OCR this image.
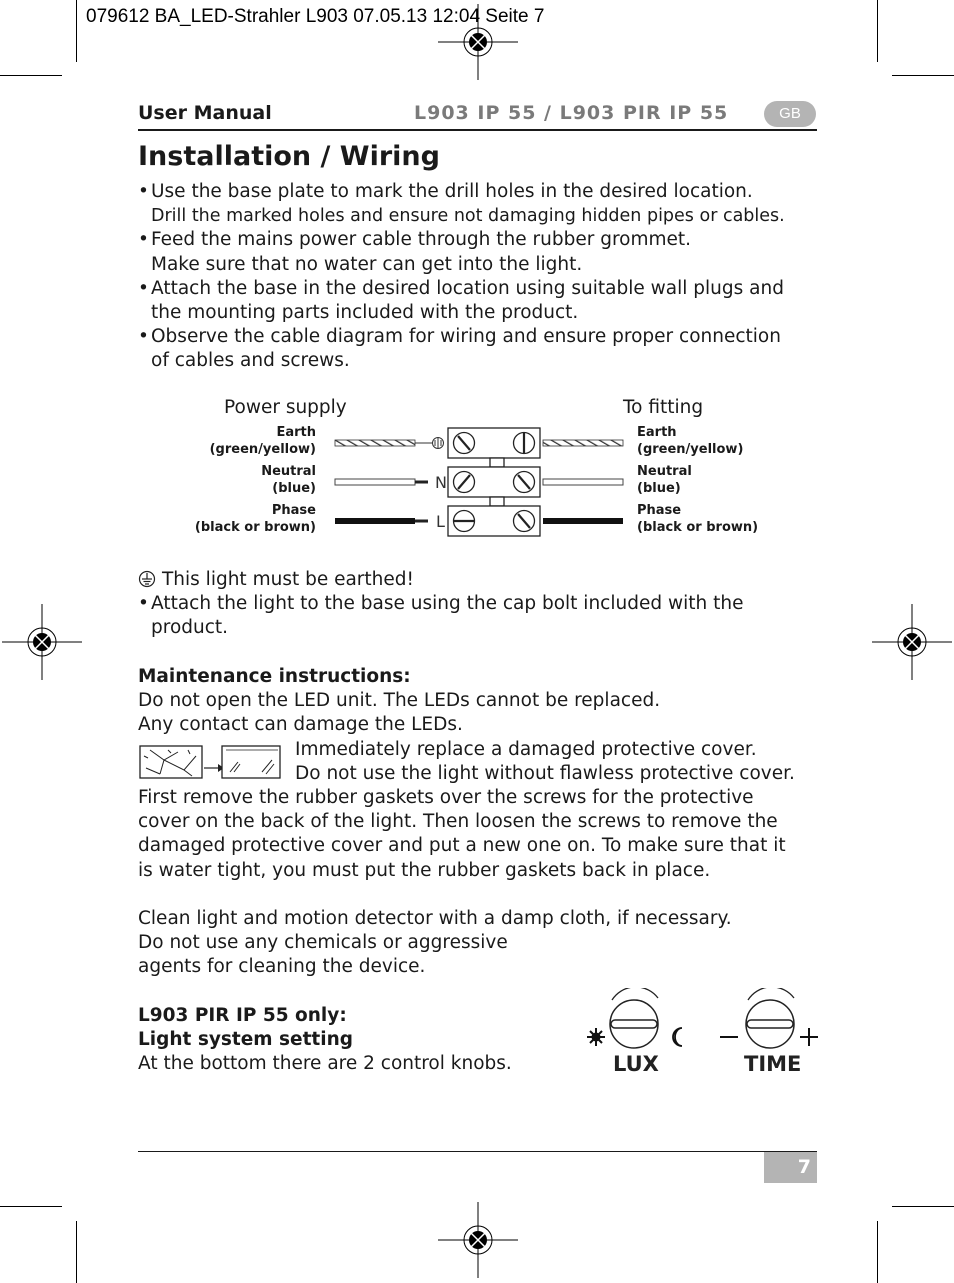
079612 BA_LED-Strahler L903 07.05.13 12:04 Seite 7
User Manual	L903 IP 55 / L903 PIR IP 55	GB
Installation / Wiring
• Use the base plate to mark the drill holes in the desired location.
Drill the marked holes and ensure not damaging hidden pipes or cables.
• Feed the mains power cable through the rubber grommet.
Make sure that no water can get into the light.
• Attach the base in the desired location using suitable wall plugs and
the mounting parts included with the product.
• Observe the cable diagram for wiring and ensure proper connection
of cables and screws.
Power supply	To fitting
Earth
(green/yellow)
Neutral
(blue)
Phase
(black or brown)
Earth
(green/yellow)
Neutral
(blue)
Phase
(black or brown)
N
L
This light must be earthed!
• Attach the light to the base using the cap bolt included with the
product.
Maintenance instructions:
Do not open the LED unit. The LEDs cannot be replaced.
Any contact can damage the LEDs.
Immediately replace a damaged protective cover.
Do not use the light without flawless protective cover.
First remove the rubber gaskets over the screws for the protective
cover on the back of the light. Then loosen the screws to remove the
damaged protective cover and put a new one on. To make sure that it
is water tight, you must put the rubber gaskets back in place.
Clean light and motion detector with a damp cloth, if necessary.
Do not use any chemicals or aggressive
agents for cleaning the device.
L903 PIR IP 55 only:
Light system setting
At the bottom there are 2 control knobs.	LUX	TIME
7
